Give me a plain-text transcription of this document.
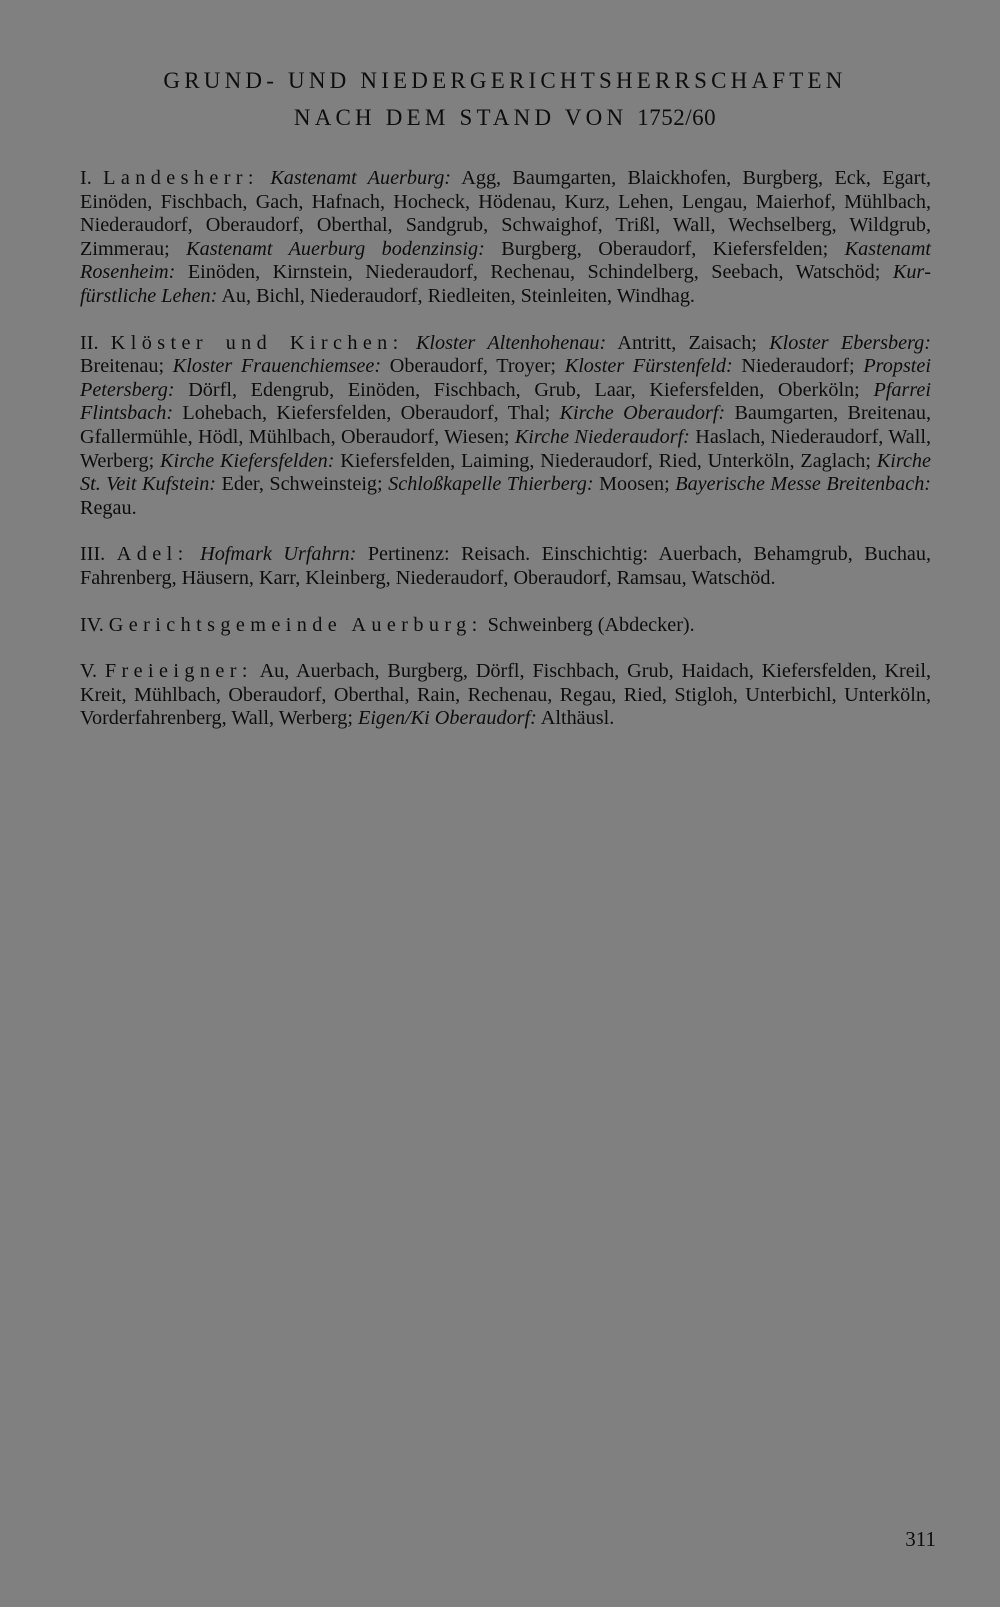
GRUND- UND NIEDERGERICHTSHERRSCHAFTEN
NACH DEM STAND VON 1752/60

I. Landesherr: Kastenamt Auerburg: Agg, Baumgarten, Blaickhofen, Burgberg, Eck, Egart, Einöden, Fischbach, Gach, Hafnach, Hocheck, Hödenau, Kurz, Lehen, Lengau, Maierhof, Mühlbach, Niederaudorf, Oberaudorf, Oberthal, Sandgrub, Schwaighof, Trißl, Wall, Wechselberg, Wildgrub, Zimmerau; Kastenamt Auerburg bodenzinsig: Burgberg, Oberaudorf, Kiefersfelden; Kastenamt Rosenheim: Einöden, Kirnstein, Niederaudorf, Rechenau, Schindelberg, Seebach, Watschöd; Kurfürstliche Lehen: Au, Bichl, Niederaudorf, Riedleiten, Steinleiten, Windhag.

II. Klöster und Kirchen: Kloster Altenhohenau: Antritt, Zaisach; Kloster Ebersberg: Breitenau; Kloster Frauenchiemsee: Oberaudorf, Troyer; Kloster Fürstenfeld: Niederaudorf; Propstei Petersberg: Dörfl, Edengrub, Einöden, Fischbach, Grub, Laar, Kiefersfelden, Oberköln; Pfarrei Flintsbach: Lohebach, Kiefersfelden, Oberaudorf, Thal; Kirche Oberaudorf: Baumgarten, Breitenau, Gfallermühle, Hödl, Mühlbach, Oberaudorf, Wiesen; Kirche Niederaudorf: Haslach, Niederaudorf, Wall, Werberg; Kirche Kiefersfelden: Kiefersfelden, Laiming, Niederaudorf, Ried, Unterköln, Zaglach; Kirche St. Veit Kufstein: Eder, Schweinsteig; Schloßkapelle Thierberg: Moosen; Bayerische Messe Breitenbach: Regau.

III. Adel: Hofmark Urfahrn: Pertinenz: Reisach. Einschichtig: Auerbach, Behamgrub, Buchau, Fahrenberg, Häusern, Karr, Kleinberg, Niederaudorf, Oberaudorf, Ramsau, Watschöd.

IV. Gerichtsgemeinde Auerburg: Schweinberg (Abdecker).

V. Freieigner: Au, Auerbach, Burgberg, Dörfl, Fischbach, Grub, Haidach, Kiefersfelden, Kreil, Kreit, Mühlbach, Oberaudorf, Oberthal, Rain, Rechenau, Regau, Ried, Stigloh, Unterbichl, Unterköln, Vorderfahrenberg, Wall, Werberg; Eigen/Ki Oberaudorf: Althäusl.

311
